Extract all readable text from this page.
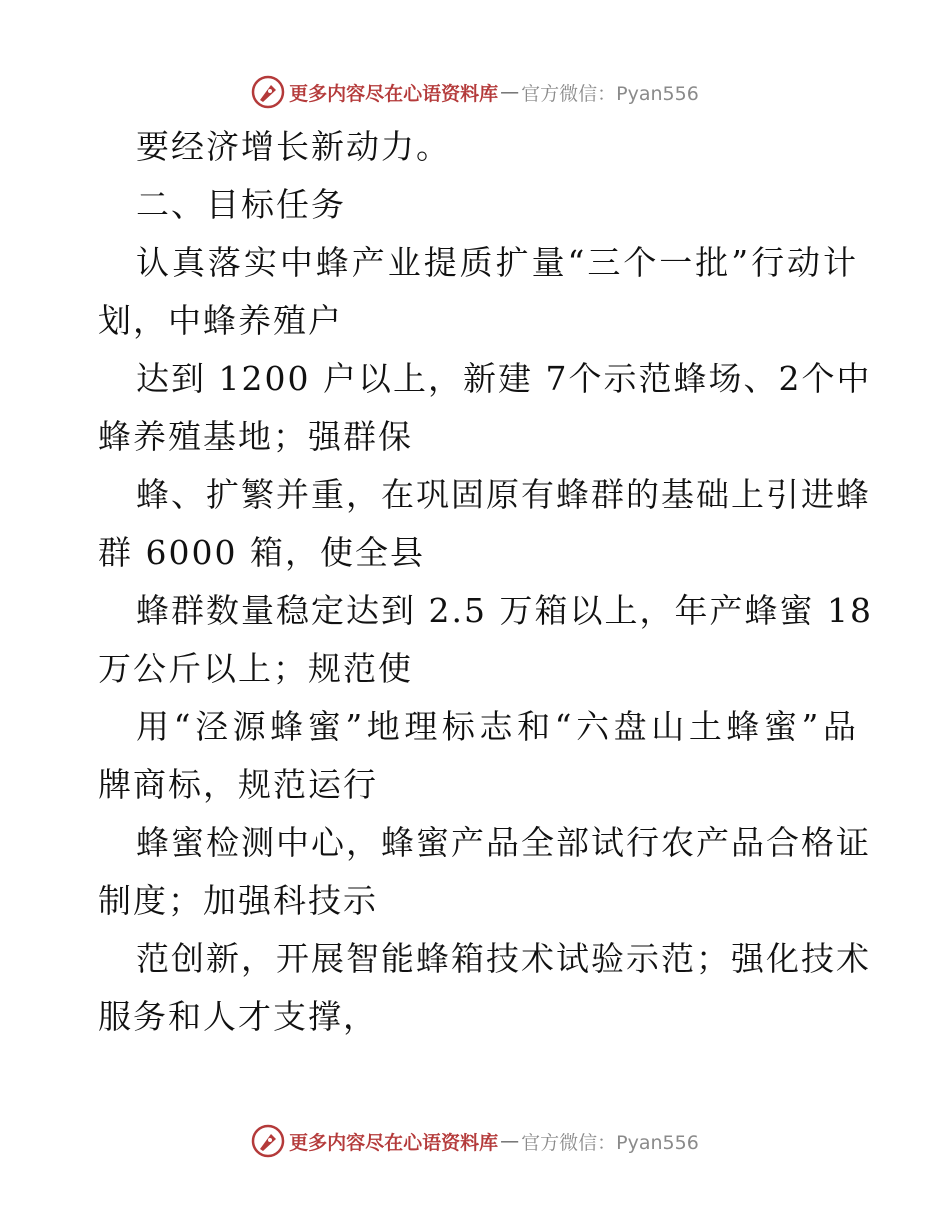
更多内容尽在心语资料库 — 官方微信：Pyan556
要经济增长新动力。
二、目标任务
认真落实中蜂产业提质扩量“三个一批”行动计
划，中蜂养殖户
达到 1200 户以上，新建 7个示范蜂场、2个中
蜂养殖基地；强群保
蜂、扩繁并重，在巩固原有蜂群的基础上引进蜂
群 6000 箱，使全县
蜂群数量稳定达到 2.5 万箱以上，年产蜂蜜 18
万公斤以上；规范使
用“泾源蜂蜜”地理标志和“六盘山土蜂蜜”品
牌商标，规范运行
蜂蜜检测中心，蜂蜜产品全部试行农产品合格证
制度；加强科技示
范创新，开展智能蜂箱技术试验示范；强化技术
服务和人才支撑，
更多内容尽在心语资料库 — 官方微信：Pyan556
